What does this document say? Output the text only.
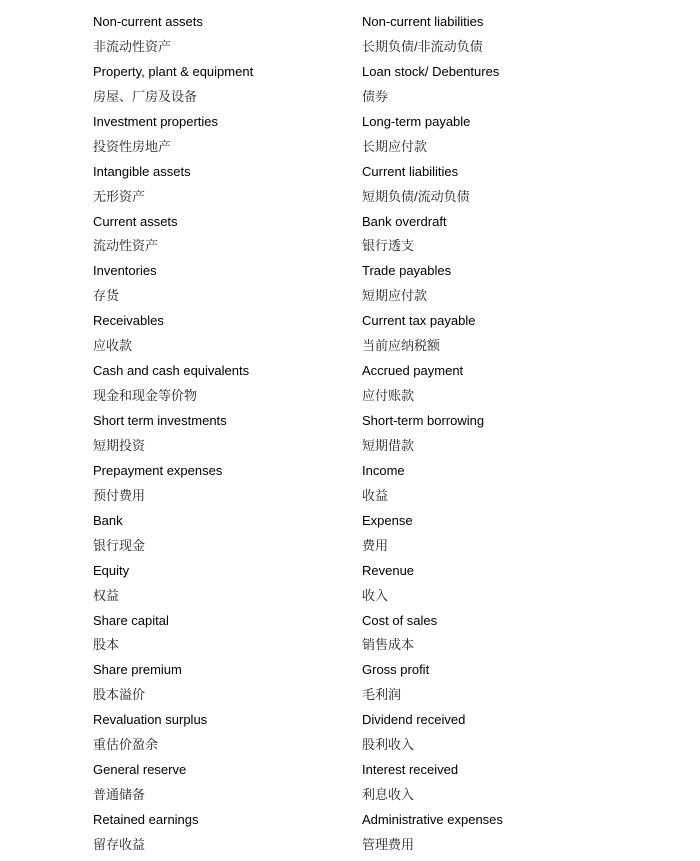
Non-current assets
非流动性资产
Property, plant & equipment
房屋、厂房及设备
Investment properties
投资性房地产
Intangible assets
无形资产
Current assets
流动性资产
Inventories
存货
Receivables
应收款
Cash and cash equivalents
现金和现金等价物
Short term investments
短期投资
Prepayment expenses
预付费用
Bank
银行现金
Equity
权益
Share capital
股本
Share premium
股本溢价
Revaluation surplus
重估价盈余
General reserve
普通储备
Retained earnings
留存收益
Non-current liabilities
长期负债/非流动负债
Loan stock/ Debentures
债券
Long-term payable
长期应付款
Current liabilities
短期负债/流动负债
Bank overdraft
银行透支
Trade payables
短期应付款
Current tax payable
当前应纳税额
Accrued payment
应付账款
Short-term borrowing
短期借款
Income
收益
Expense
费用
Revenue
收入
Cost of sales
销售成本
Gross profit
毛利润
Dividend received
股利收入
Interest received
利息收入
Administrative expenses
管理费用
